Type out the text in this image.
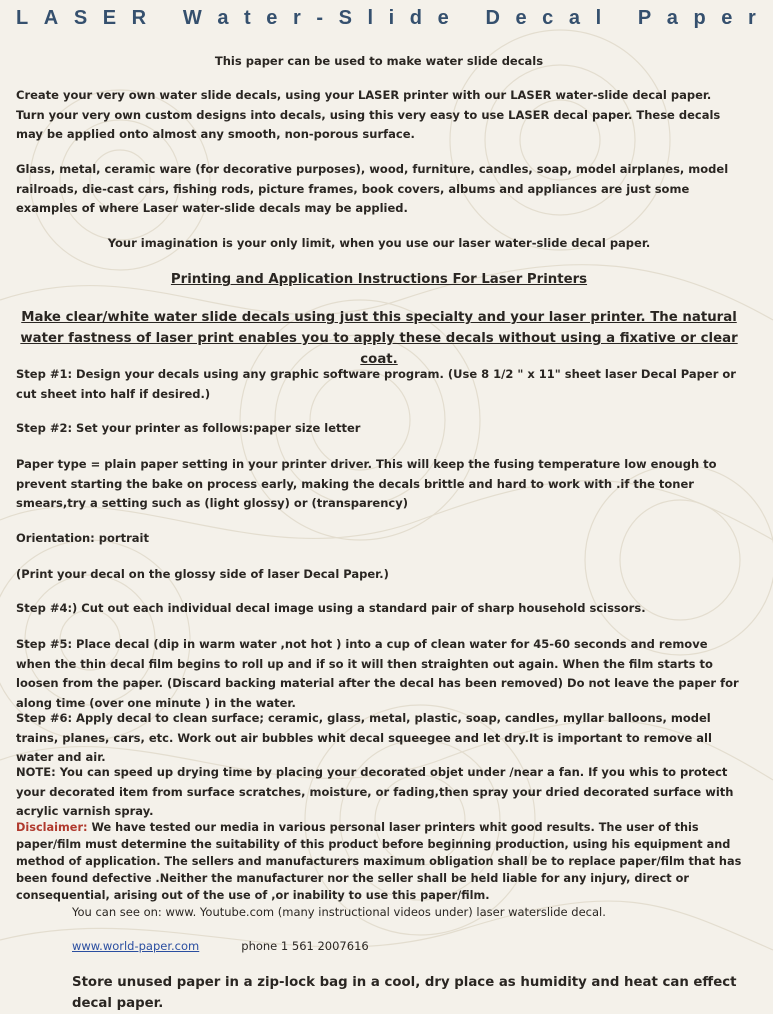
L A S E R
W a t e r - S l i d e
D e c a l
P a p e r

This paper can be used to make water slide decals

Create your very own water slide decals, using your LASER printer with our LASER water-slide decal paper. Turn your very own custom designs into decals, using this very easy to use LASER decal paper. These decals may be applied onto almost any smooth, non-porous surface.

Glass, metal, ceramic ware (for decorative purposes), wood, furniture, candles, soap, model airplanes, model railroads, die-cast cars, fishing rods, picture frames, book covers, albums and appliances are just some examples of where Laser water-slide decals may be applied.

Your imagination is your only limit, when you use our laser water-slide decal paper.

Printing and Application Instructions For Laser Printers

Make clear/white water slide decals using just this specialty and your laser printer. The natural water fastness of laser print enables you to apply these decals without using a fixative or clear coat.

Step #1: Design your decals using any graphic software program. (Use 8 1/2 " x 11" sheet laser Decal Paper or cut sheet into half if desired.)

Step #2: Set your printer as follows:paper size letter

Paper type = plain paper setting in your printer driver. This will keep the fusing temperature low enough to prevent starting the bake on process early, making the decals brittle and hard to work with .if the toner smears,try a setting such as (light glossy) or (transparency)

Orientation: portrait

(Print your decal on the glossy side of laser Decal Paper.)

Step #4:) Cut out each individual decal image using a standard pair of sharp household scissors.

Step #5: Place decal (dip in warm water ,not hot ) into a cup of clean water for 45-60 seconds and remove when the thin decal film begins to roll up and if so it will then straighten out again. When the film starts to loosen from the paper. (Discard backing material after the decal has been removed) Do not leave the paper for along time (over one minute ) in the water.

Step #6: Apply decal to clean surface; ceramic, glass, metal, plastic, soap, candles, myllar balloons, model trains, planes, cars, etc. Work out air bubbles whit decal squeegee and let dry.It is important to remove all water and air.

NOTE: You can speed up drying time by placing your decorated objet under /near a fan. If you whis to protect your decorated item from surface scratches, moisture, or fading,then spray your dried decorated surface with acrylic varnish spray.

Disclaimer: We have tested our media in various personal laser printers whit good results. The user of this paper/film must determine the suitability of this product before beginning production, using his equipment and method of application. The sellers and manufacturers maximum obligation shall be to replace paper/film that has been found defective .Neither the manufacturer nor the seller shall be held liable for any injury, direct or consequential, arising out of the use of ,or inability to use this paper/film.

You can see on: www. Youtube.com (many instructional videos under) laser waterslide decal.

www.world-paper.com	phone 1 561 2007616

Store unused paper in a zip-lock bag in a cool, dry place as humidity and heat can effect decal paper.
